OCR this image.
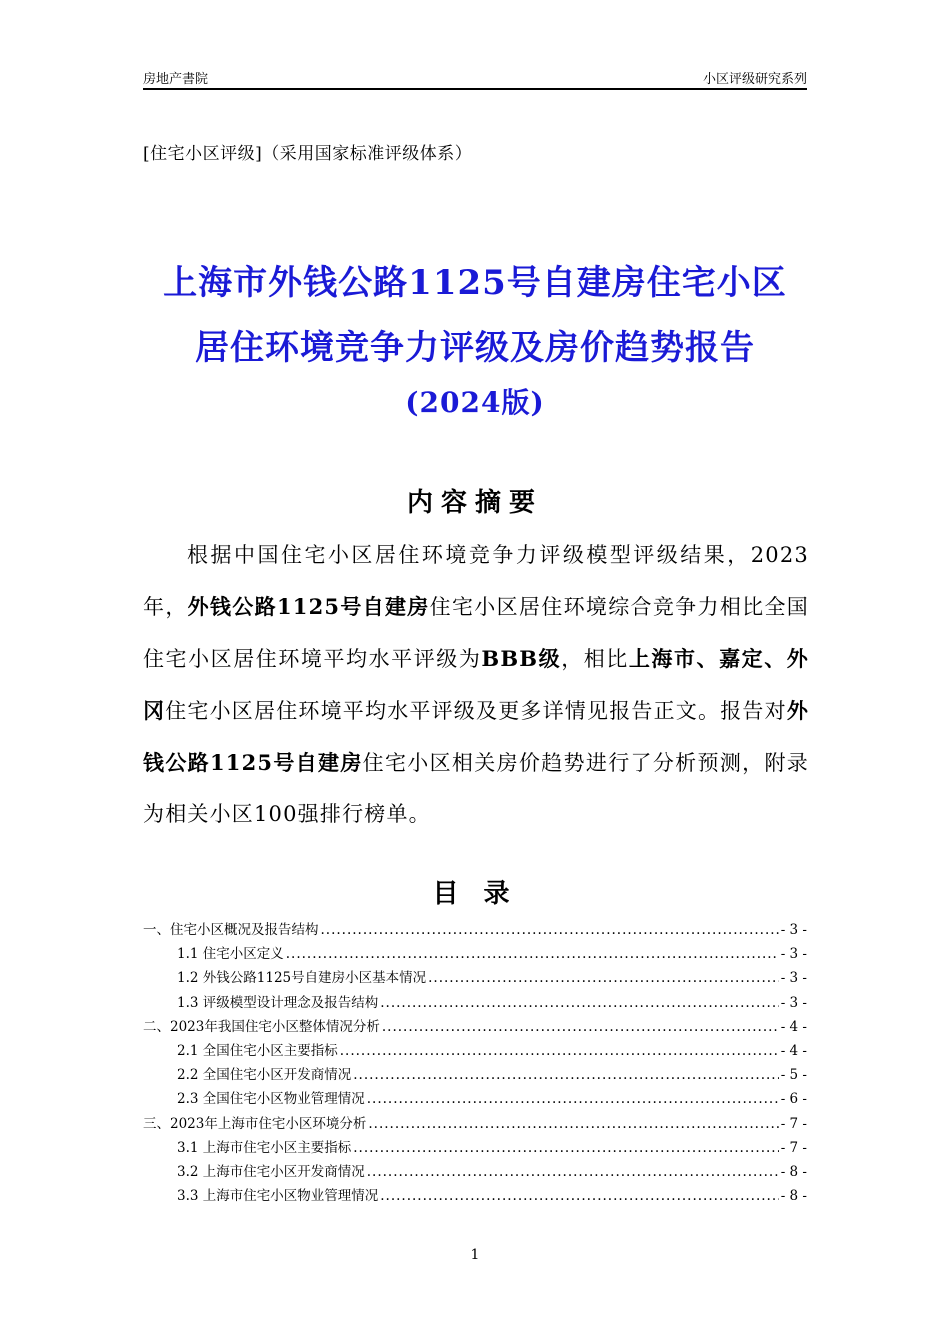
房地产書院	小区评级研究系列
[住宅小区评级]（采用国家标准评级体系）
上海市外钱公路1125号自建房住宅小区
居住环境竞争力评级及房价趋势报告
(2024版)
内容摘要
根据中国住宅小区居住环境竞争力评级模型评级结果，2023年，外钱公路1125号自建房住宅小区居住环境综合竞争力相比全国住宅小区居住环境平均水平评级为BBB级，相比上海市、嘉定、外冈住宅小区居住环境平均水平评级及更多详情见报告正文。报告对外钱公路1125号自建房住宅小区相关房价趋势进行了分析预测，附录为相关小区100强排行榜单。
目 录
一、住宅小区概况及报告结构 .....	- 3 -
1.1 住宅小区定义 .....	- 3 -
1.2 外钱公路1125号自建房小区基本情况 .....	- 3 -
1.3 评级模型设计理念及报告结构 .....	- 3 -
二、2023年我国住宅小区整体情况分析 .....	- 4 -
2.1 全国住宅小区主要指标 .....	- 4 -
2.2 全国住宅小区开发商情况 .....	- 5 -
2.3 全国住宅小区物业管理情况 .....	- 6 -
三、2023年上海市住宅小区环境分析 .....	- 7 -
3.1 上海市住宅小区主要指标 .....	- 7 -
3.2 上海市住宅小区开发商情况 .....	- 8 -
3.3 上海市住宅小区物业管理情况 .....	- 8 -
1
